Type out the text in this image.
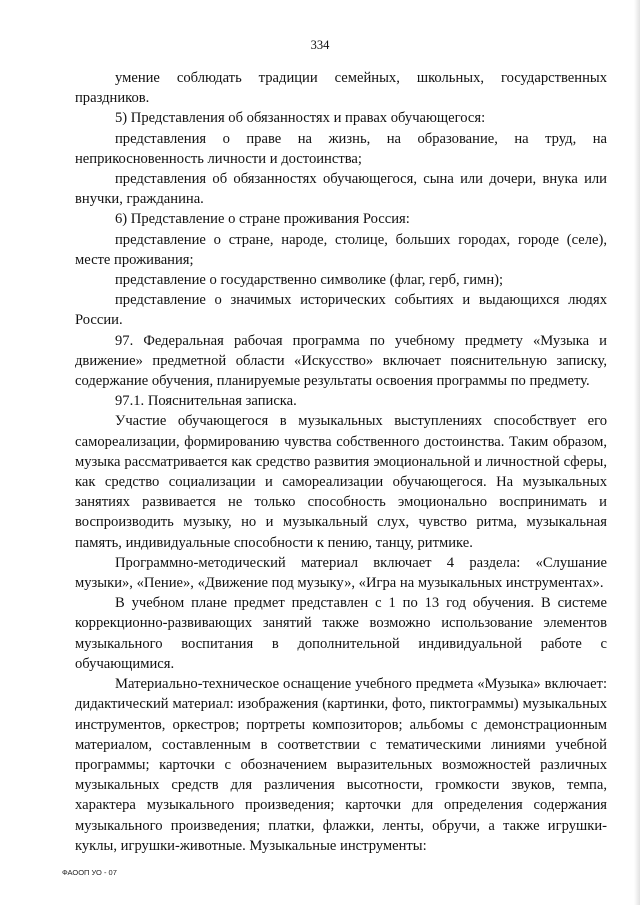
334

умение соблюдать традиции семейных, школьных, государственных праздников.

5) Представления об обязанностях и правах обучающегося:

представления о праве на жизнь, на образование, на труд, на неприкосновенность личности и достоинства;

представления об обязанностях обучающегося, сына или дочери, внука или внучки, гражданина.

6) Представление о стране проживания Россия:

представление о стране, народе, столице, больших городах, городе (селе), месте проживания;

представление о государственно символике (флаг, герб, гимн);

представление о значимых исторических событиях и выдающихся людях России.

97. Федеральная рабочая программа по учебному предмету «Музыка и движение» предметной области «Искусство» включает пояснительную записку, содержание обучения, планируемые результаты освоения программы по предмету.

97.1. Пояснительная записка.

Участие обучающегося в музыкальных выступлениях способствует его самореализации, формированию чувства собственного достоинства. Таким образом, музыка рассматривается как средство развития эмоциональной и личностной сферы, как средство социализации и самореализации обучающегося. На музыкальных занятиях развивается не только способность эмоционально воспринимать и воспроизводить музыку, но и музыкальный слух, чувство ритма, музыкальная память, индивидуальные способности к пению, танцу, ритмике.

Программно-методический материал включает 4 раздела: «Слушание музыки», «Пение», «Движение под музыку», «Игра на музыкальных инструментах».

В учебном плане предмет представлен с 1 по 13 год обучения. В системе коррекционно-развивающих занятий также возможно использование элементов музыкального воспитания в дополнительной индивидуальной работе с обучающимися.

Материально-техническое оснащение учебного предмета «Музыка» включает: дидактический материал: изображения (картинки, фото, пиктограммы) музыкальных инструментов, оркестров; портреты композиторов; альбомы с демонстрационным материалом, составленным в соответствии с тематическими линиями учебной программы; карточки с обозначением выразительных возможностей различных музыкальных средств для различения высотности, громкости звуков, темпа, характера музыкального произведения; карточки для определения содержания музыкального произведения; платки, флажки, ленты, обручи, а также игрушки-куклы, игрушки-животные. Музыкальные инструменты:

ФАООП УО - 07
